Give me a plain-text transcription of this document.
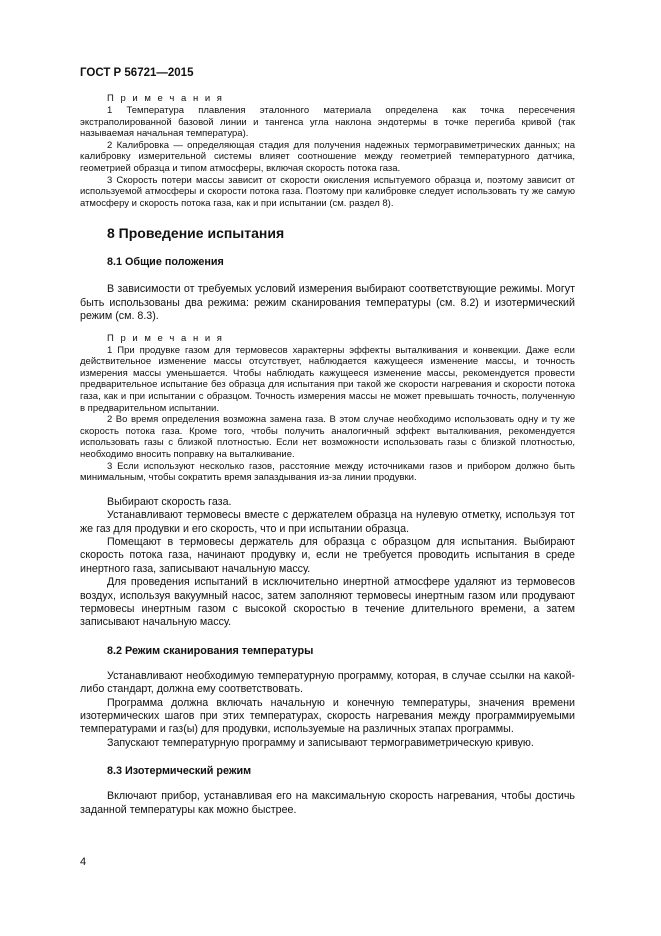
ГОСТ Р 56721—2015

П р и м е ч а н и я

1 Температура плавления эталонного материала определена как точка пересечения экстраполированной базовой линии и тангенса угла наклона эндотермы в точке перегиба кривой (так называемая начальная температура).

2 Калибровка — определяющая стадия для получения надежных термогравиметрических данных; на калибровку измерительной системы влияет соотношение между геометрией температурного датчика, геометрией образца и типом атмосферы, включая скорость потока газа.

3 Скорость потери массы зависит от скорости окисления испытуемого образца и, поэтому зависит от используемой атмосферы и скорости потока газа. Поэтому при калибровке следует использовать ту же самую атмосферу и скорость потока газа, как и при испытании (см. раздел 8).

8 Проведение испытания
8.1 Общие положения

В зависимости от требуемых условий измерения выбирают соответствующие режимы. Могут быть использованы два режима: режим сканирования температуры (см. 8.2) и изотермический режим (см. 8.3).

П р и м е ч а н и я

1 При продувке газом для термовесов характерны эффекты выталкивания и конвекции. Даже если действительное изменение массы отсутствует, наблюдается кажущееся изменение массы, и точность измерения массы уменьшается. Чтобы наблюдать кажущееся изменение массы, рекомендуется провести предварительное испытание без образца для испытания при такой же скорости нагревания и скорости потока газа, как и при испытании с образцом. Точность измерения массы не может превышать точность, полученную в предварительном испытании.

2 Во время определения возможна замена газа. В этом случае необходимо использовать одну и ту же скорость потока газа. Кроме того, чтобы получить аналогичный эффект выталкивания, рекомендуется использовать газы с близкой плотностью. Если нет возможности использовать газы с близкой плотностью, необходимо вносить поправку на выталкивание.

3 Если используют несколько газов, расстояние между источниками газов и прибором должно быть минимальным, чтобы сократить время запаздывания из-за линии продувки.

Выбирают скорость газа.

Устанавливают термовесы вместе с держателем образца на нулевую отметку, используя тот же газ для продувки и его скорость, что и при испытании образца.

Помещают в термовесы держатель для образца с образцом для испытания. Выбирают скорость потока газа, начинают продувку и, если не требуется проводить испытания в среде инертного газа, записывают начальную массу.

Для проведения испытаний в исключительно инертной атмосфере удаляют из термовесов воздух, используя вакуумный насос, затем заполняют термовесы инертным газом или продувают термовесы инертным газом с высокой скоростью в течение длительного времени, а затем записывают начальную массу.

8.2 Режим сканирования температуры

Устанавливают необходимую температурную программу, которая, в случае ссылки на какой-либо стандарт, должна ему соответствовать.

Программа должна включать начальную и конечную температуры, значения времени изотермических шагов при этих температурах, скорость нагревания между программируемыми температурами и газ(ы) для продувки, используемые на различных этапах программы.

Запускают температурную программу и записывают термогравиметрическую кривую.

8.3 Изотермический режим

Включают прибор, устанавливая его на максимальную скорость нагревания, чтобы достичь заданной температуры как можно быстрее.

4
